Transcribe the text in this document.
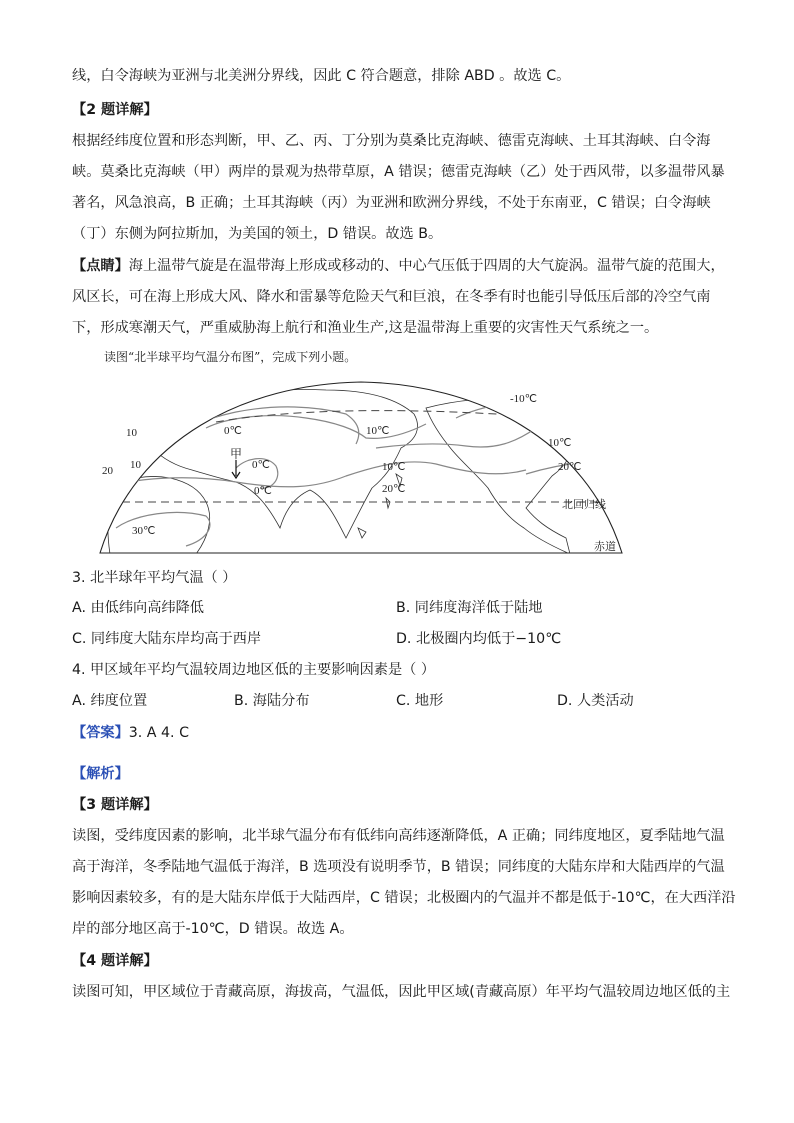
线，白令海峡为亚洲与北美洲分界线，因此 C 符合题意，排除 ABD 。故选 C。
【2 题详解】
根据经纬度位置和形态判断，甲、乙、丙、丁分别为莫桑比克海峡、德雷克海峡、土耳其海峡、白令海
峡。莫桑比克海峡（甲）两岸的景观为热带草原，A 错误；德雷克海峡（乙）处于西风带，以多温带风暴
著名，风急浪高，B 正确；土耳其海峡（丙）为亚洲和欧洲分界线，不处于东南亚，C 错误；白令海峡
（丁）东侧为阿拉斯加，为美国的领土，D 错误。故选 B。
【点睛】海上温带气旋是在温带海上形成或移动的、中心气压低于四周的大气旋涡。温带气旋的范围大，
风区长，可在海上形成大风、降水和雷暴等危险天气和巨浪，在冬季有时也能引导低压后部的冷空气南
下，形成寒潮天气，严重威胁海上航行和渔业生产,这是温带海上重要的灾害性天气系统之一。
读图“北半球平均气温分布图”，完成下列小题。
10	0℃	10℃
-10℃
20 10
甲
0℃
0℃
10℃
20℃
30℃
10℃
20℃
北回归线
赤道
3. 北半球年平均气温（ ）
A. 由低纬向高纬降低	B. 同纬度海洋低于陆地
C. 同纬度大陆东岸均高于西岸	D. 北极圈内均低于−10℃
4. 甲区域年平均气温较周边地区低的主要影响因素是（ ）
A. 纬度位置	B. 海陆分布	C. 地形	D. 人类活动
【答案】3. A 4. C
【解析】
【3 题详解】
读图，受纬度因素的影响，北半球气温分布有低纬向高纬逐渐降低，A 正确；同纬度地区，夏季陆地气温
高于海洋，冬季陆地气温低于海洋，B 选项没有说明季节，B 错误；同纬度的大陆东岸和大陆西岸的气温
影响因素较多，有的是大陆东岸低于大陆西岸，C 错误；北极圈内的气温并不都是低于-10℃，在大西洋沿
岸的部分地区高于-10℃，D 错误。故选 A。
【4 题详解】
读图可知，甲区域位于青藏高原，海拔高，气温低，因此甲区域(青藏高原）年平均气温较周边地区低的主
